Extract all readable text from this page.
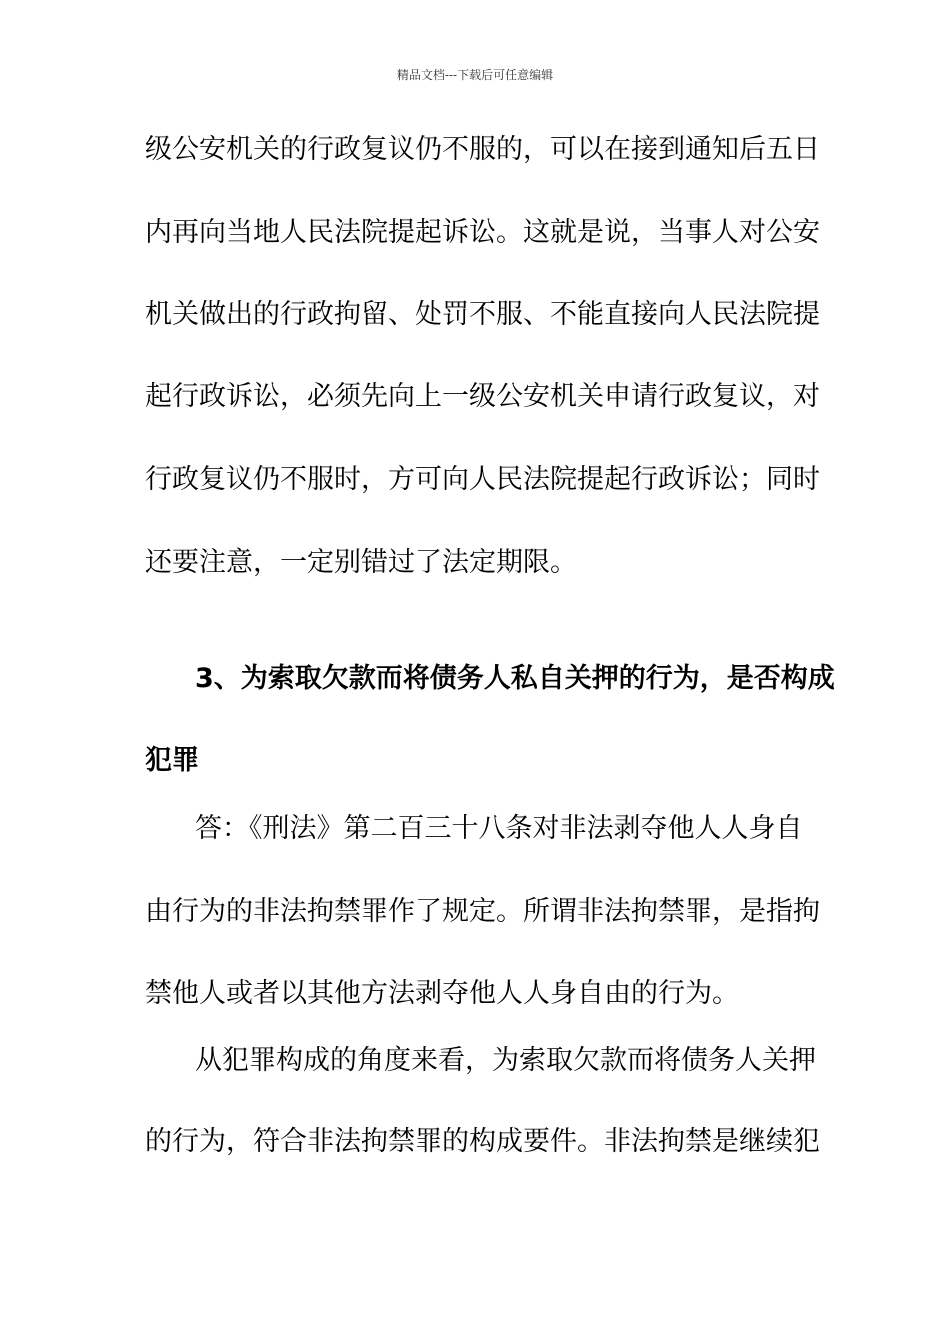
精品文档---下载后可任意编辑
级公安机关的行政复议仍不服的，可以在接到通知后五日
内再向当地人民法院提起诉讼。这就是说，当事人对公安
机关做出的行政拘留、处罚不服、不能直接向人民法院提
起行政诉讼，必须先向上一级公安机关申请行政复议，对
行政复议仍不服时，方可向人民法院提起行政诉讼；同时
还要注意，一定别错过了法定期限。
3、为索取欠款而将债务人私自关押的行为，是否构成
犯罪
答：《刑法》第二百三十八条对非法剥夺他人人身自
由行为的非法拘禁罪作了规定。所谓非法拘禁罪，是指拘
禁他人或者以其他方法剥夺他人人身自由的行为。
从犯罪构成的角度来看，为索取欠款而将债务人关押
的行为，符合非法拘禁罪的构成要件。非法拘禁是继续犯
